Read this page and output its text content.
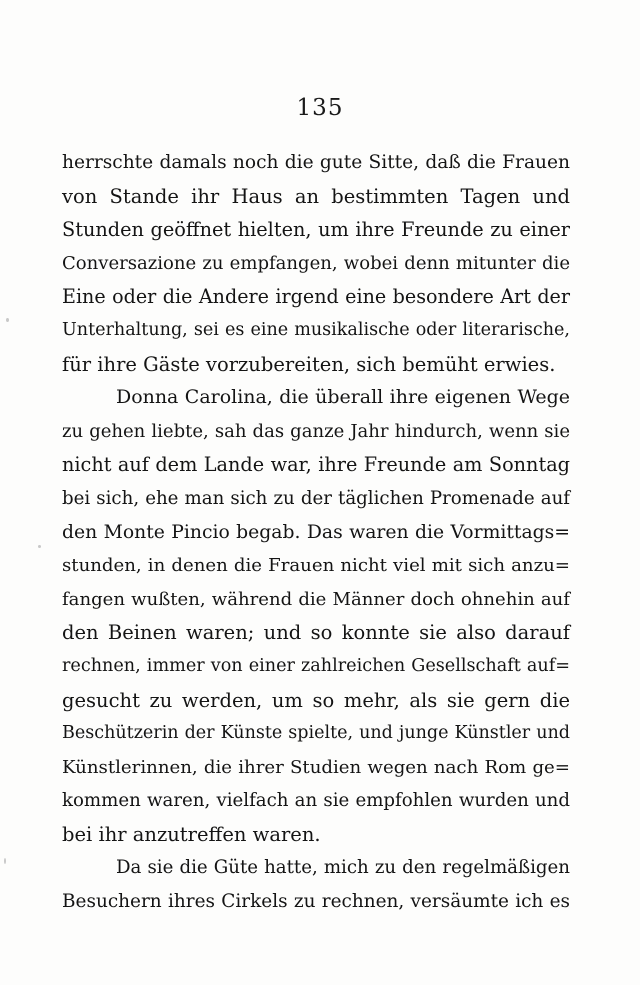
135
herrschte damals noch die gute Sitte, daß die Frauen
von Stande ihr Haus an bestimmten Tagen und
Stunden geöffnet hielten, um ihre Freunde zu einer
Conversazione zu empfangen, wobei denn mitunter die
Eine oder die Andere irgend eine besondere Art der
Unterhaltung, sei es eine musikalische oder literarische,
für ihre Gäste vorzubereiten, sich bemüht erwies.
Donna Carolina, die überall ihre eigenen Wege
zu gehen liebte, sah das ganze Jahr hindurch, wenn sie
nicht auf dem Lande war, ihre Freunde am Sonntag
bei sich, ehe man sich zu der täglichen Promenade auf
den Monte Pincio begab. Das waren die Vormittags=
stunden, in denen die Frauen nicht viel mit sich anzu=
fangen wußten, während die Männer doch ohnehin auf
den Beinen waren; und so konnte sie also darauf
rechnen, immer von einer zahlreichen Gesellschaft auf=
gesucht zu werden, um so mehr, als sie gern die
Beschützerin der Künste spielte, und junge Künstler und
Künstlerinnen, die ihrer Studien wegen nach Rom ge=
kommen waren, vielfach an sie empfohlen wurden und
bei ihr anzutreffen waren.
Da sie die Güte hatte, mich zu den regelmäßigen
Besuchern ihres Cirkels zu rechnen, versäumte ich es
